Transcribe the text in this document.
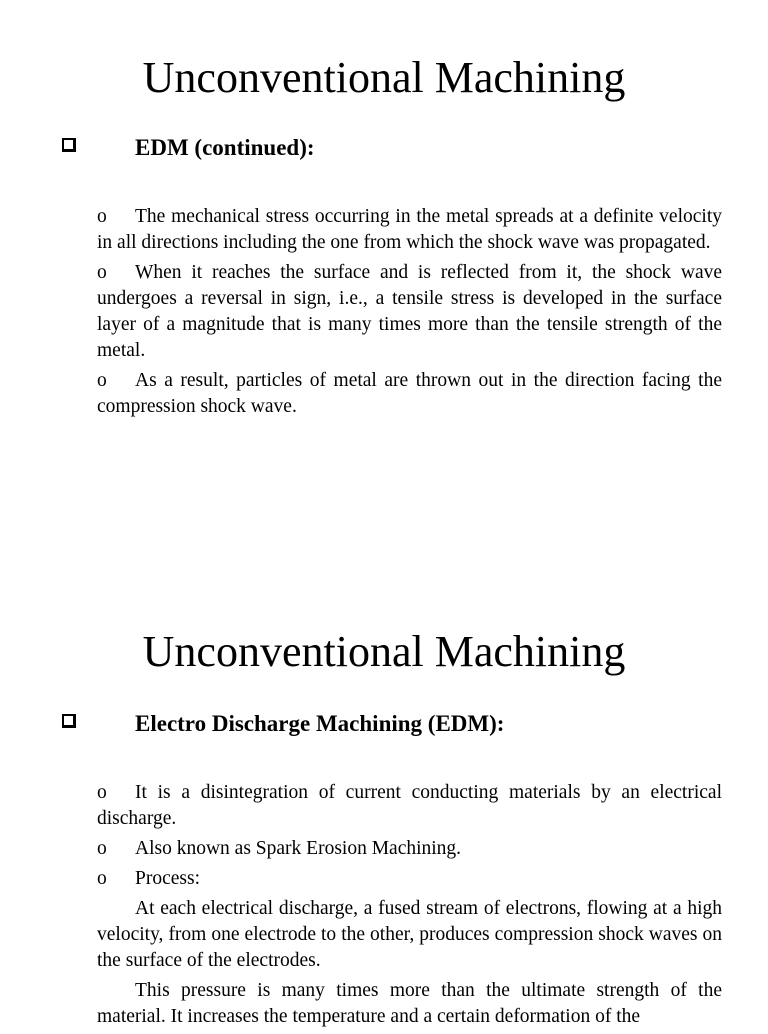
Unconventional Machining
EDM (continued):
o The mechanical stress occurring in the metal spreads at a definite velocity in all directions including the one from which the shock wave was propagated.
o When it reaches the surface and is reflected from it, the shock wave undergoes a reversal in sign, i.e., a tensile stress is developed in the surface layer of a magnitude that is many times more than the tensile strength of the metal.
o As a result, particles of metal are thrown out in the direction facing the compression shock wave.
Unconventional Machining
Electro Discharge Machining (EDM):
o It is a disintegration of current conducting materials by an electrical discharge.
o Also known as Spark Erosion Machining.
o Process:
At each electrical discharge, a fused stream of electrons, flowing at a high velocity, from one electrode to the other, produces compression shock waves on the surface of the electrodes.
This pressure is many times more than the ultimate strength of the material. It increases the temperature and a certain deformation of the
